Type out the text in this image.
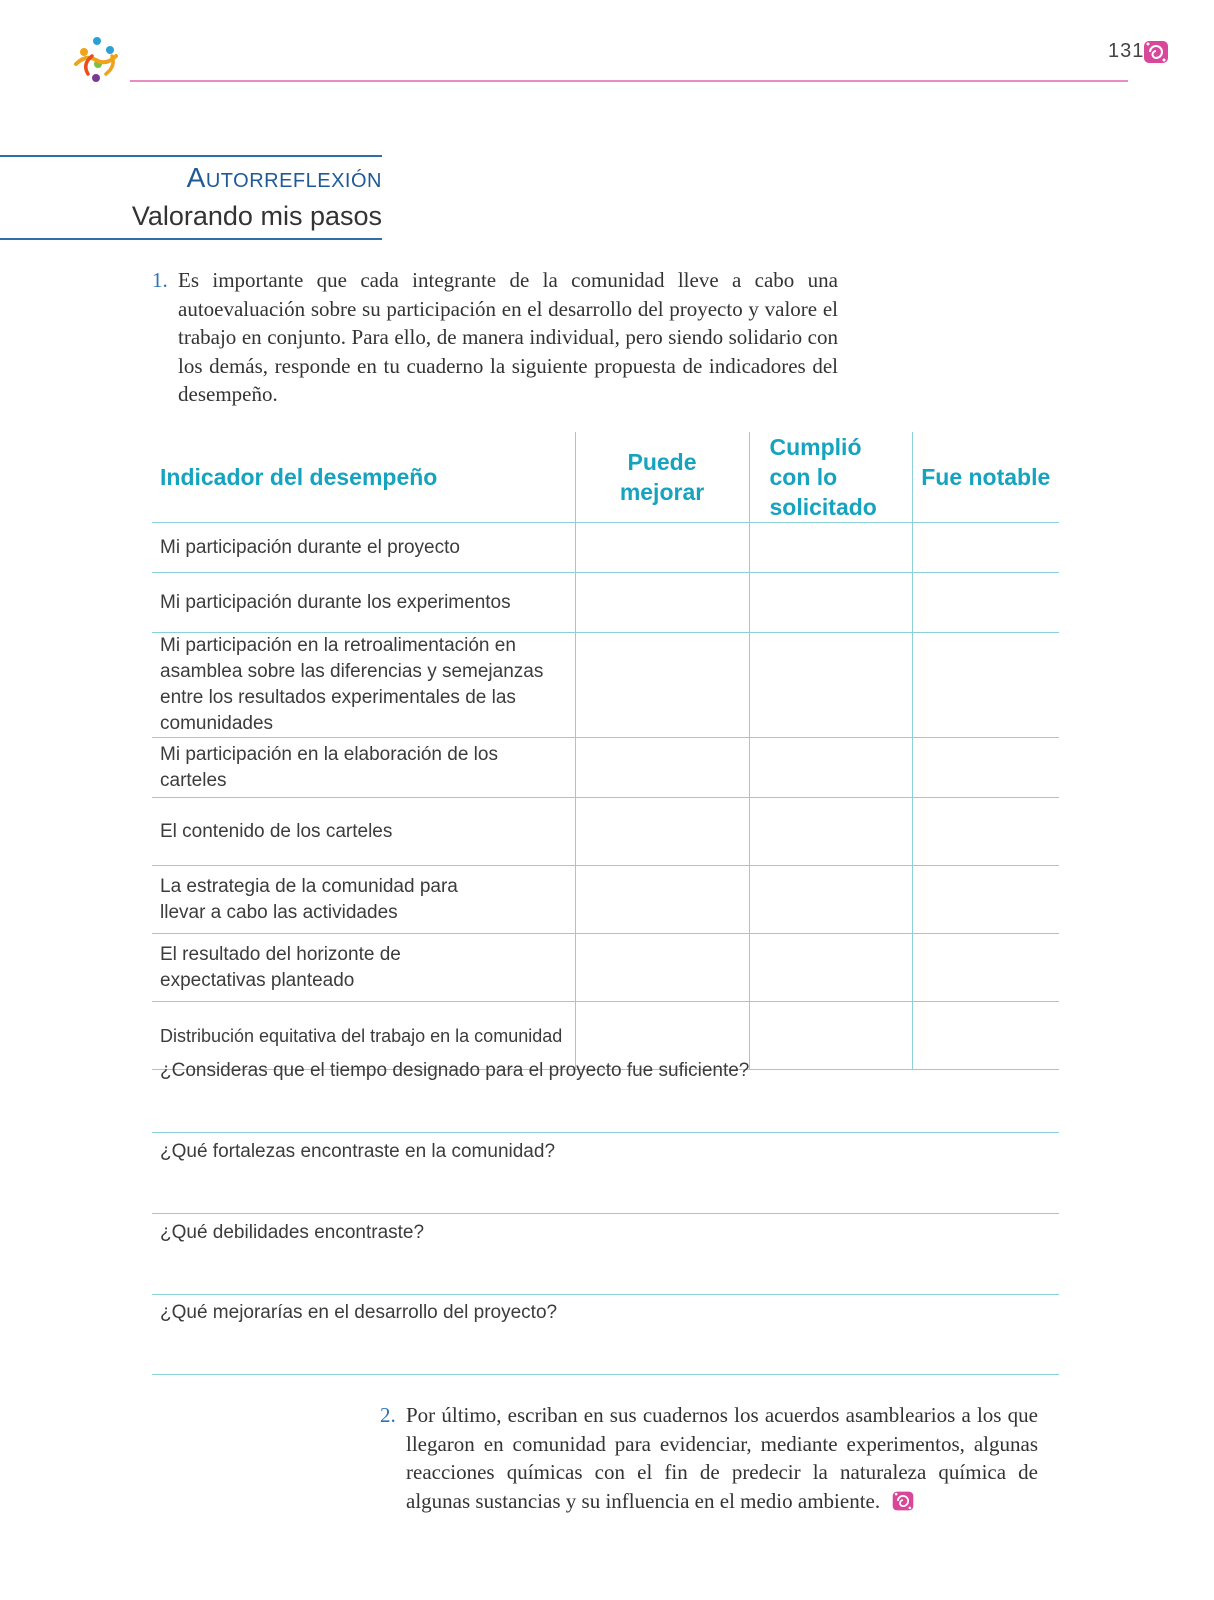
131
Autorreflexión
Valorando mis pasos
1. Es importante que cada integrante de la comunidad lleve a cabo una autoevaluación sobre su participación en el desarrollo del proyecto y valore el trabajo en conjunto. Para ello, de manera individual, pero siendo solidario con los demás, responde en tu cuaderno la siguiente propuesta de indicadores del desempeño.
Indicador del desempeño	Puede mejorar	Cumplió con lo solicitado	Fue notable
Mi participación durante el proyecto			
Mi participación durante los experimentos			
Mi participación en la retroalimentación en asamblea sobre las diferencias y semejanzas entre los resultados experimentales de las comunidades			
Mi participación en la elaboración de los carteles			
El contenido de los carteles			
La estrategia de la comunidad para llevar a cabo las actividades			
El resultado del horizonte de expectativas planteado			
Distribución equitativa del trabajo en la comunidad			
¿Consideras que el tiempo designado para el proyecto fue suficiente?
¿Qué fortalezas encontraste en la comunidad?
¿Qué debilidades encontraste?
¿Qué mejorarías en el desarrollo del proyecto?
2. Por último, escriban en sus cuadernos los acuerdos asamblearios a los que llegaron en comunidad para evidenciar, mediante experimentos, algunas reacciones químicas con el fin de predecir la naturaleza química de algunas sustancias y su influencia en el medio ambiente.
